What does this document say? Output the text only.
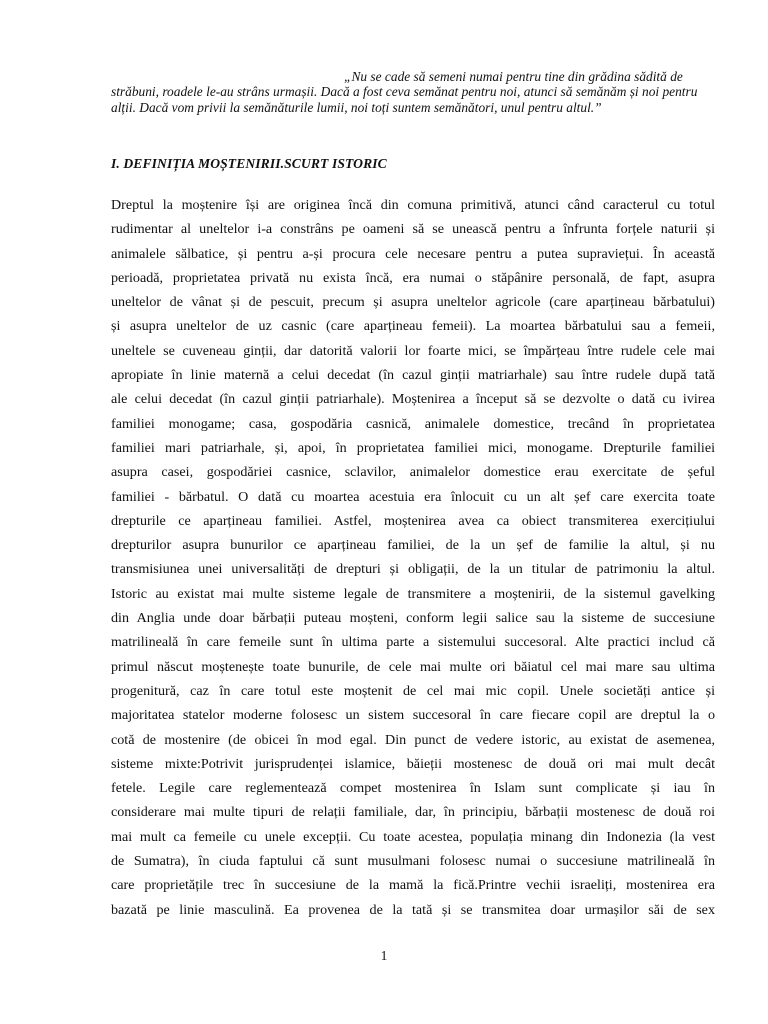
„Nu se cade să semeni numai pentru tine din grădina sădită de străbuni, roadele le-au strâns urmașii. Dacă a fost ceva semănat pentru noi, atunci să semănăm și noi pentru alții. Dacă vom privii la semănăturile lumii, noi toți suntem semănători, unul pentru altul.”

I. DEFINIȚIA MOȘTENIRII.SCURT ISTORIC
Dreptul la moștenire își are originea încă din comuna primitivă, atunci când caracterul cu totul
rudimentar al uneltelor i-a constrâns pe oameni să se unească pentru a înfrunta forțele naturii și
animalele sălbatice, și pentru a-și procura cele necesare pentru a putea supraviețui. În această
perioadă, proprietatea privată nu exista încă, era numai o stăpânire personală, de fapt, asupra
uneltelor de vânat și de pescuit, precum și asupra uneltelor agricole (care aparțineau bărbatului)
și asupra uneltelor de uz casnic (care aparțineau femeii). La moartea bărbatului sau a femeii,
uneltele se cuveneau ginții, dar datorită valorii lor foarte mici, se împărțeau între rudele cele mai
apropiate în linie maternă a celui decedat (în cazul ginții matriarhale) sau între rudele după tată
ale celui decedat (în cazul ginții patriarhale). Moștenirea a început să se dezvolte o dată cu ivirea
familiei monogame; casa, gospodăria casnică, animalele domestice, trecând în proprietatea
familiei mari patriarhale, și, apoi, în proprietatea familiei mici, monogame. Drepturile familiei
asupra casei, gospodăriei casnice, sclavilor, animalelor domestice erau exercitate de șeful
familiei - bărbatul. O dată cu moartea acestuia era înlocuit cu un alt șef care exercita toate
drepturile ce aparțineau familiei. Astfel, moștenirea avea ca obiect transmiterea exercițiului
drepturilor asupra bunurilor ce aparțineau familiei, de la un șef de familie la altul, și nu
transmisiunea unei universalități de drepturi și obligații, de la un titular de patrimoniu la altul.
Istoric au existat mai multe sisteme legale de transmitere a moștenirii, de la sistemul gavelking
din Anglia unde doar bărbații puteau moșteni, conform legii salice sau la sisteme de succesiune
matrilineală în care femeile sunt în ultima parte a sistemului succesoral. Alte practici includ că
primul născut moștenește toate bunurile, de cele mai multe ori băiatul cel mai mare sau ultima
progenitură, caz în care totul este moștenit de cel mai mic copil. Unele societăți antice și
majoritatea statelor moderne folosesc un sistem succesoral în care fiecare copil are dreptul la o
cotă de mostenire (de obicei în mod egal. Din punct de vedere istoric, au existat de asemenea,
sisteme mixte:Potrivit jurisprudenței islamice, băieții mostenesc de două ori mai mult decât
fetele. Legile care reglementează compet mostenirea în Islam sunt complicate și iau în
considerare mai multe tipuri de relații familiale, dar, în principiu, bărbații mostenesc de două roi
mai mult ca femeile cu unele excepții. Cu toate acestea, populația minang din Indonezia (la vest
de Sumatra), în ciuda faptului că sunt musulmani folosesc numai o succesiune matrilineală în
care proprietățile trec în succesiune de la mamă la fică.Printre vechii israeliți, mostenirea era
bazată pe linie masculină. Ea provenea de la tată și se transmitea doar urmașilor săi de sex

1
